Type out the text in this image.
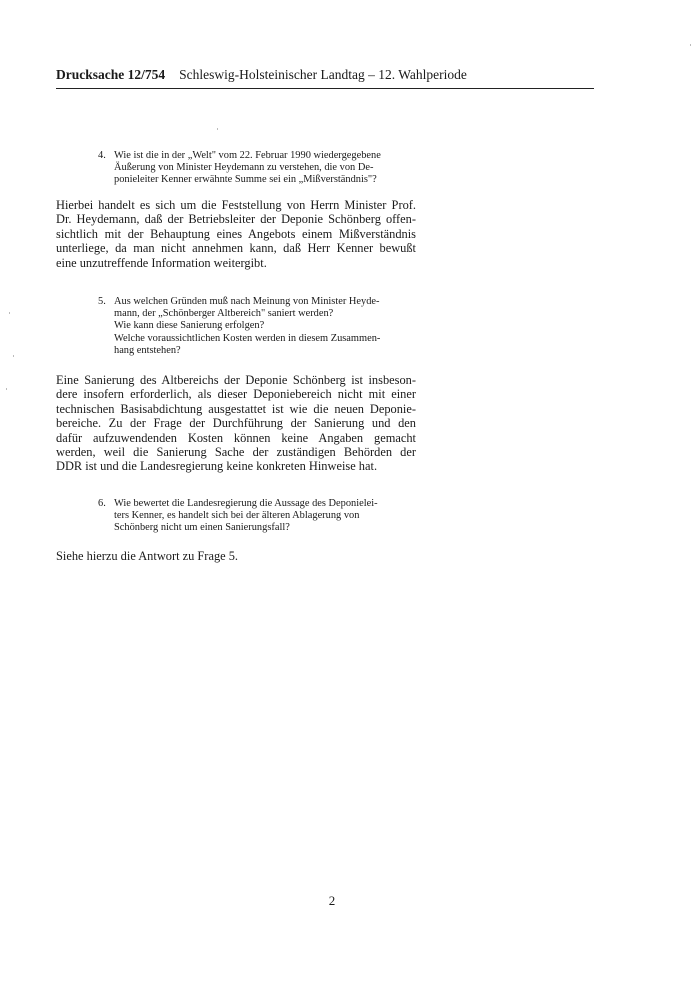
Drucksache 12/754 Schleswig-Holsteinischer Landtag – 12. Wahlperiode
4. Wie ist die in der „Welt" vom 22. Februar 1990 wiedergegebene
Äußerung von Minister Heydemann zu verstehen, die von De-
ponieleiter Kenner erwähnte Summe sei ein „Mißverständnis"?
Hierbei handelt es sich um die Feststellung von Herrn Minister Prof.
Dr. Heydemann, daß der Betriebsleiter der Deponie Schönberg offen-
sichtlich mit der Behauptung eines Angebots einem Mißverständnis
unterliege, da man nicht annehmen kann, daß Herr Kenner bewußt
eine unzutreffende Information weitergibt.
5. Aus welchen Gründen muß nach Meinung von Minister Heyde-
mann, der „Schönberger Altbereich" saniert werden?
Wie kann diese Sanierung erfolgen?
Welche voraussichtlichen Kosten werden in diesem Zusammen-
hang entstehen?
Eine Sanierung des Altbereichs der Deponie Schönberg ist insbeson-
dere insofern erforderlich, als dieser Deponiebereich nicht mit einer
technischen Basisabdichtung ausgestattet ist wie die neuen Deponie-
bereiche. Zu der Frage der Durchführung der Sanierung und den
dafür aufzuwendenden Kosten können keine Angaben gemacht
werden, weil die Sanierung Sache der zuständigen Behörden der
DDR ist und die Landesregierung keine konkreten Hinweise hat.
6. Wie bewertet die Landesregierung die Aussage des Deponielei-
ters Kenner, es handelt sich bei der älteren Ablagerung von
Schönberg nicht um einen Sanierungsfall?
Siehe hierzu die Antwort zu Frage 5.
2
